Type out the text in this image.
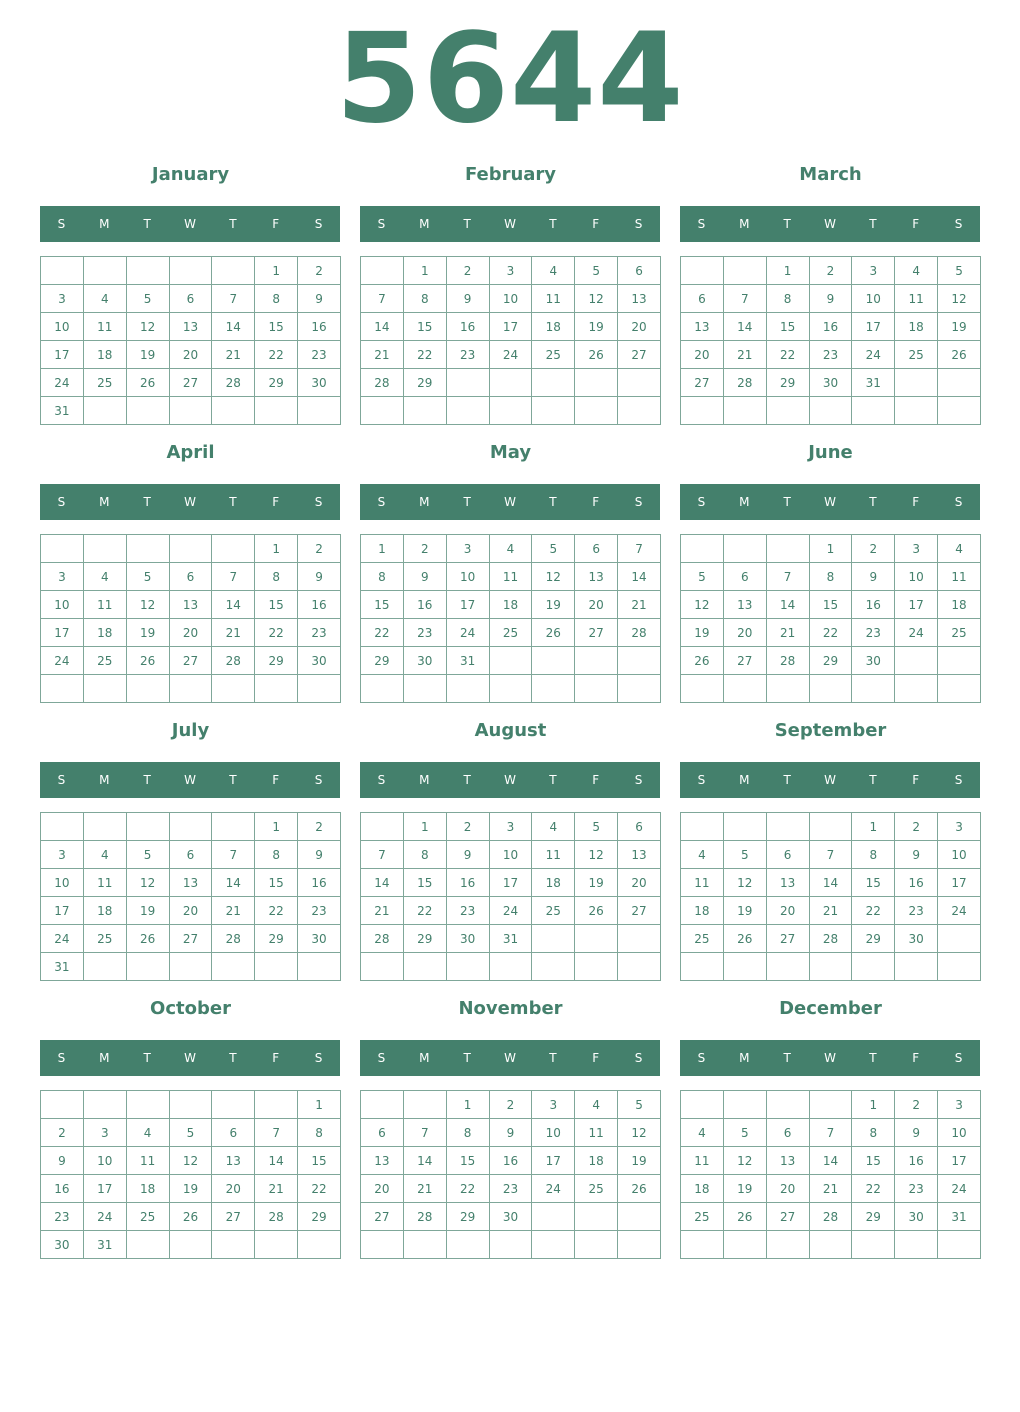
5644
January
S	M	T	W	T	F	S
					1	2
3	4	5	6	7	8	9
10	11	12	13	14	15	16
17	18	19	20	21	22	23
24	25	26	27	28	29	30
31						
February
S	M	T	W	T	F	S
	1	2	3	4	5	6
7	8	9	10	11	12	13
14	15	16	17	18	19	20
21	22	23	24	25	26	27
28	29					

March
S	M	T	W	T	F	S
		1	2	3	4	5
6	7	8	9	10	11	12
13	14	15	16	17	18	19
20	21	22	23	24	25	26
27	28	29	30	31		

April
S	M	T	W	T	F	S
					1	2
3	4	5	6	7	8	9
10	11	12	13	14	15	16
17	18	19	20	21	22	23
24	25	26	27	28	29	30

May
S	M	T	W	T	F	S
1	2	3	4	5	6	7
8	9	10	11	12	13	14
15	16	17	18	19	20	21
22	23	24	25	26	27	28
29	30	31				

June
S	M	T	W	T	F	S
			1	2	3	4
5	6	7	8	9	10	11
12	13	14	15	16	17	18
19	20	21	22	23	24	25
26	27	28	29	30		

July
S	M	T	W	T	F	S
					1	2
3	4	5	6	7	8	9
10	11	12	13	14	15	16
17	18	19	20	21	22	23
24	25	26	27	28	29	30
31						
August
S	M	T	W	T	F	S
	1	2	3	4	5	6
7	8	9	10	11	12	13
14	15	16	17	18	19	20
21	22	23	24	25	26	27
28	29	30	31			

September
S	M	T	W	T	F	S
				1	2	3
4	5	6	7	8	9	10
11	12	13	14	15	16	17
18	19	20	21	22	23	24
25	26	27	28	29	30	

October
S	M	T	W	T	F	S
						1
2	3	4	5	6	7	8
9	10	11	12	13	14	15
16	17	18	19	20	21	22
23	24	25	26	27	28	29
30	31					
November
S	M	T	W	T	F	S
		1	2	3	4	5
6	7	8	9	10	11	12
13	14	15	16	17	18	19
20	21	22	23	24	25	26
27	28	29	30			

December
S	M	T	W	T	F	S
				1	2	3
4	5	6	7	8	9	10
11	12	13	14	15	16	17
18	19	20	21	22	23	24
25	26	27	28	29	30	31
